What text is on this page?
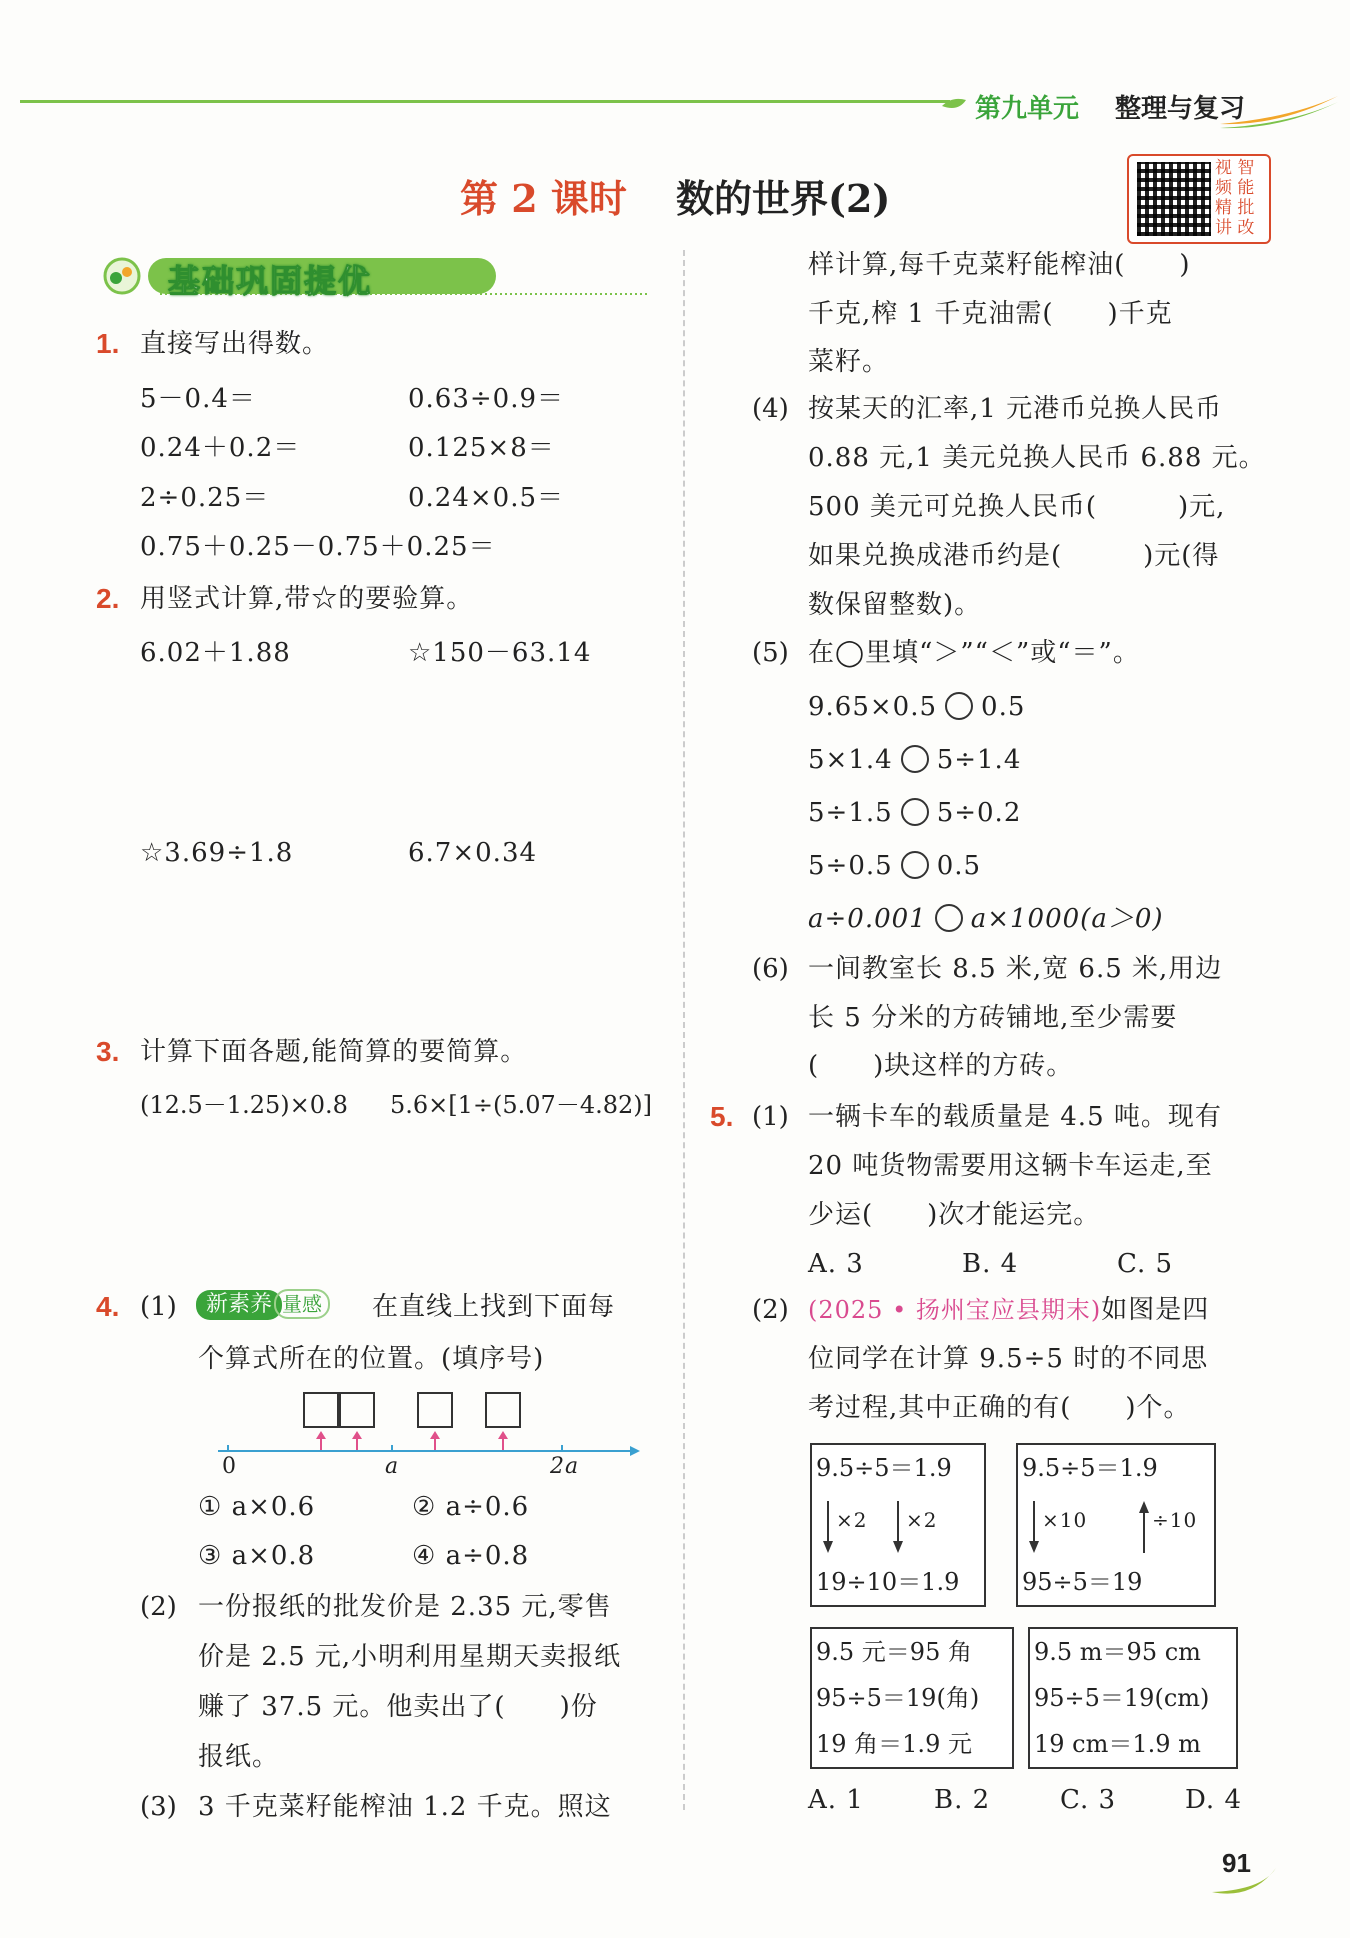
第九单元 整理与复习
第 2 课时 数的世界(2)
视 智
频 能
精 批
讲 改
基础巩固提优
1. 直接写出得数。
5－0.4＝	0.63÷0.9＝
0.24＋0.2＝	0.125×8＝
2÷0.25＝	0.24×0.5＝
0.75＋0.25－0.75＋0.25＝
2. 用竖式计算,带☆的要验算。
6.02＋1.88	☆150－63.14
☆3.69÷1.8	6.7×0.34
3. 计算下面各题,能简算的要简算。
(12.5－1.25)×0.8 5.6×[1÷(5.07－4.82)]
4. (1)	新素养 量感	在直线上找到下面每
个算式所在的位置。(填序号)
0	a	2a
① a×0.6	② a÷0.6
③ a×0.8	④ a÷0.8
(2) 一份报纸的批发价是 2.35 元,零售
价是 2.5 元,小明利用星期天卖报纸
赚了 37.5 元。他卖出了(　　)份
报纸。
(3) 3 千克菜籽能榨油 1.2 千克。照这
样计算,每千克菜籽能榨油(　　)
千克,榨 1 千克油需(　　)千克
菜籽。
(4) 按某天的汇率,1 元港币兑换人民币
0.88 元,1 美元兑换人民币 6.88 元。
500 美元可兑换人民币(　　　)元,
如果兑换成港币约是(　　　)元(得
数保留整数)。
(5) 在◯里填“＞”“＜”或“＝”。
9.65×0.5 0.5
5×1.4 5÷1.4
5÷1.5 5÷0.2
5÷0.5 0.5
a÷0.001 a×1000(a＞0)
(6) 一间教室长 8.5 米,宽 6.5 米,用边
长 5 分米的方砖铺地,至少需要
(　　)块这样的方砖。
5. (1) 一辆卡车的载质量是 4.5 吨。现有
20 吨货物需要用这辆卡车运走,至
少运(　　)次才能运完。
A. 3	B. 4	C. 5
(2) (2025 • 扬州宝应县期末)如图是四
位同学在计算 9.5÷5 时的不同思
考过程,其中正确的有(　　)个。
9.5÷5＝1.9
×2 ×2
19÷10＝1.9
9.5÷5＝1.9
×10	÷10
95÷5＝19
9.5 元＝95 角
95÷5＝19(角)
19 角＝1.9 元
9.5 m＝95 cm
95÷5＝19(cm)
19 cm＝1.9 m
A. 1	B. 2	C. 3	D. 4
91
